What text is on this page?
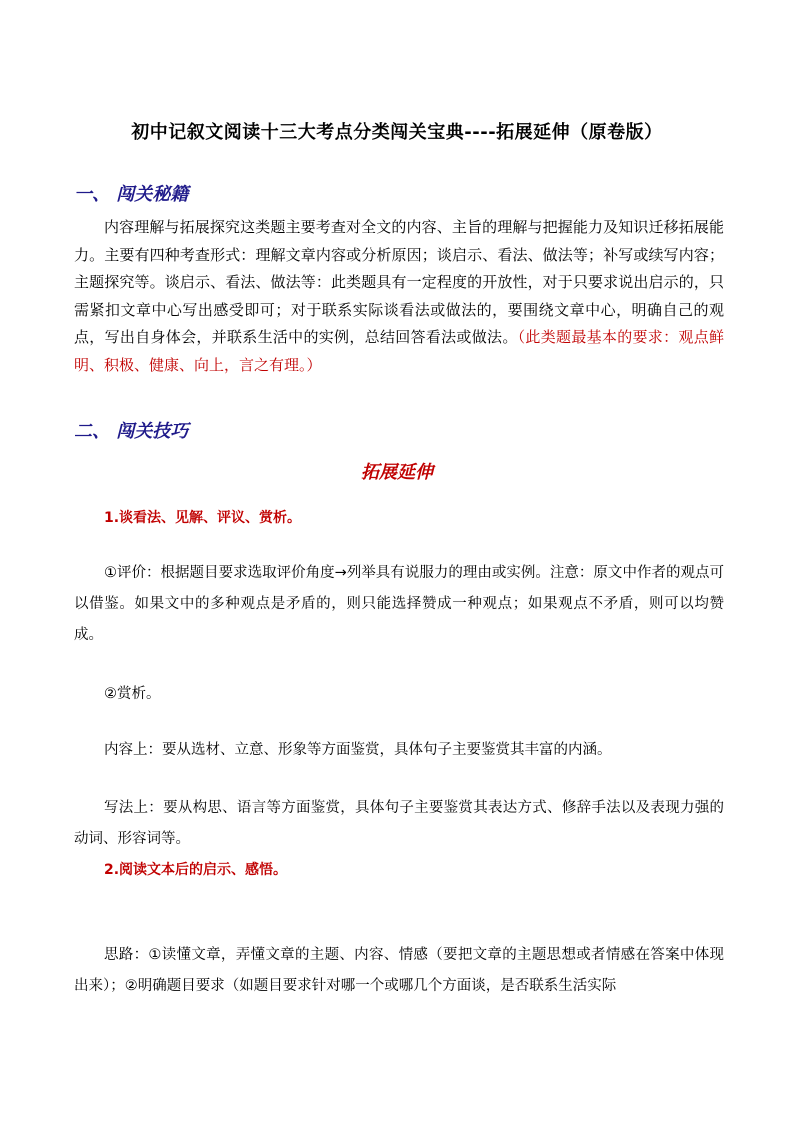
初中记叙文阅读十三大考点分类闯关宝典----拓展延伸（原卷版）
一、 闯关秘籍
内容理解与拓展探究这类题主要考查对全文的内容、主旨的理解与把握能力及知识迁移拓展能力。主要有四种考查形式：理解文章内容或分析原因；谈启示、看法、做法等；补写或续写内容；主题探究等。谈启示、看法、做法等：此类题具有一定程度的开放性，对于只要求说出启示的，只需紧扣文章中心写出感受即可；对于联系实际谈看法或做法的，要围绕文章中心，明确自己的观点，写出自身体会，并联系生活中的实例，总结回答看法或做法。（此类题最基本的要求：观点鲜明、积极、健康、向上，言之有理。）
二、 闯关技巧
拓展延伸
1.谈看法、见解、评议、赏析。
①评价：根据题目要求选取评价角度→列举具有说服力的理由或实例。注意：原文中作者的观点可以借鉴。如果文中的多种观点是矛盾的，则只能选择赞成一种观点；如果观点不矛盾，则可以均赞成。
②赏析。
内容上：要从选材、立意、形象等方面鉴赏，具体句子主要鉴赏其丰富的内涵。
写法上：要从构思、语言等方面鉴赏，具体句子主要鉴赏其表达方式、修辞手法以及表现力强的动词、形容词等。
2.阅读文本后的启示、感悟。
思路：①读懂文章，弄懂文章的主题、内容、情感（要把文章的主题思想或者情感在答案中体现出来）；②明确题目要求（如题目要求针对哪一个或哪几个方面谈，是否联系生活实际
